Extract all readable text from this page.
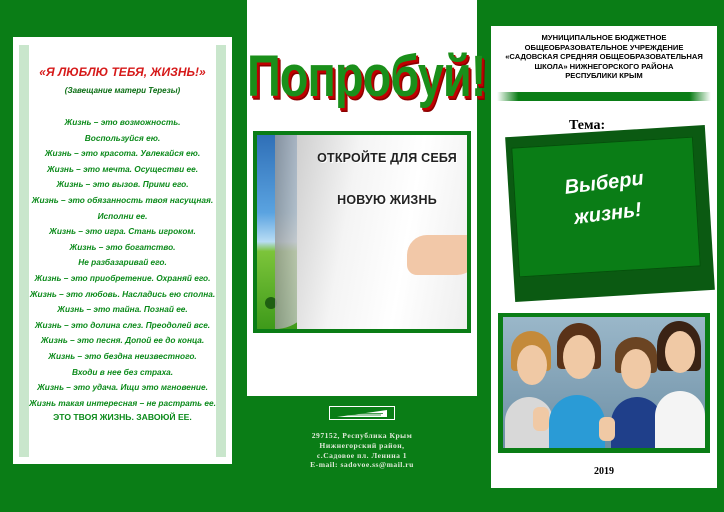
«Я ЛЮБЛЮ ТЕБЯ, ЖИЗНЬ!»
(Завещание матери Терезы)
Жизнь – это возможность.
Воспользуйся ею.
Жизнь – это красота. Увлекайся ею.
Жизнь – это мечта. Осуществи ее.
Жизнь – это вызов. Прими его.
Жизнь – это обязанность твоя насущная.
Исполни ее.
Жизнь – это игра. Стань игроком.
Жизнь – это богатство.
Не разбазаривай его.
Жизнь – это приобретение. Охраняй его.
Жизнь – это любовь. Насладись ею сполна.
Жизнь – это тайна. Познай ее.
Жизнь – это долина слез. Преодолей все.
Жизнь – это песня. Допой ее до конца.
Жизнь – это бездна неизвестного.
Входи в нее без страха.
Жизнь – это удача. Ищи это мгновение.
Жизнь такая интересная – не растрать ее.
ЭТО ТВОЯ ЖИЗНЬ. ЗАВОЮЙ ЕЕ.
Попробуй!
ОТКРОЙТЕ ДЛЯ СЕБЯ
НОВУЮ ЖИЗНЬ
297152, Республика Крым
Нижнегорский район,
с.Садовое пл. Ленина 1
E-mail: sadovoe.ss@mail.ru
МУНИЦИПАЛЬНОЕ БЮДЖЕТНОЕ
ОБЩЕОБРАЗОВАТЕЛЬНОЕ УЧРЕЖДЕНИЕ
«САДОВСКАЯ СРЕДНЯЯ ОБЩЕОБРАЗОВАТЕЛЬНАЯ
ШКОЛА» НИЖНЕГОРСКОГО РАЙОНА
РЕСПУБЛИКИ КРЫМ
Тема:
Выбери
жизнь!
2019
